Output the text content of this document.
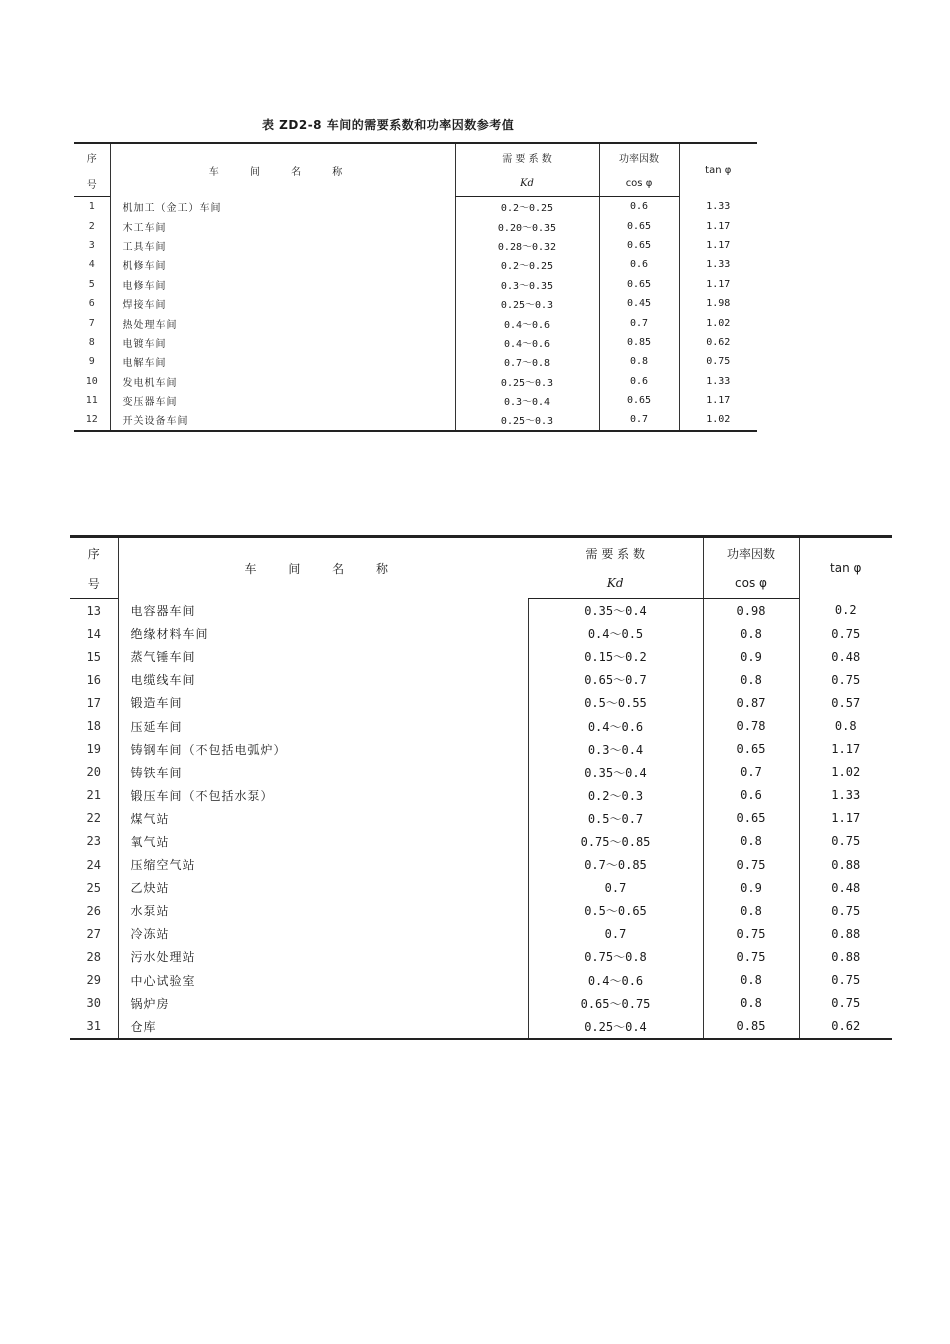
表 ZD2-8 车间的需要系数和功率因数参考值
序	车 间 名 称	需 要 系 数	功率因数	tan φ
号		Kd	cos φ	
1	机加工（金工）车间	0.2～0.25	0.6	1.33
2	木工车间	0.20～0.35	0.65	1.17
3	工具车间	0.28～0.32	0.65	1.17
4	机修车间	0.2～0.25	0.6	1.33
5	电修车间	0.3～0.35	0.65	1.17
6	焊接车间	0.25～0.3	0.45	1.98
7	热处理车间	0.4～0.6	0.7	1.02
8	电镀车间	0.4～0.6	0.85	0.62
9	电解车间	0.7～0.8	0.8	0.75
10	发电机车间	0.25～0.3	0.6	1.33
11	变压器车间	0.3～0.4	0.65	1.17
12	开关设备车间	0.25～0.3	0.7	1.02
序	车 间 名 称	需 要 系 数	功率因数	tan φ
号		Kd	cos φ	
13	电容器车间	0.35～0.4	0.98	0.2
14	绝缘材料车间	0.4～0.5	0.8	0.75
15	蒸气锤车间	0.15～0.2	0.9	0.48
16	电缆线车间	0.65～0.7	0.8	0.75
17	锻造车间	0.5～0.55	0.87	0.57
18	压延车间	0.4～0.6	0.78	0.8
19	铸钢车间（不包括电弧炉）	0.3～0.4	0.65	1.17
20	铸铁车间	0.35～0.4	0.7	1.02
21	锻压车间（不包括水泵）	0.2～0.3	0.6	1.33
22	煤气站	0.5～0.7	0.65	1.17
23	氧气站	0.75～0.85	0.8	0.75
24	压缩空气站	0.7～0.85	0.75	0.88
25	乙炔站	0.7	0.9	0.48
26	水泵站	0.5～0.65	0.8	0.75
27	冷冻站	0.7	0.75	0.88
28	污水处理站	0.75～0.8	0.75	0.88
29	中心试验室	0.4～0.6	0.8	0.75
30	锅炉房	0.65～0.75	0.8	0.75
31	仓库	0.25～0.4	0.85	0.62
